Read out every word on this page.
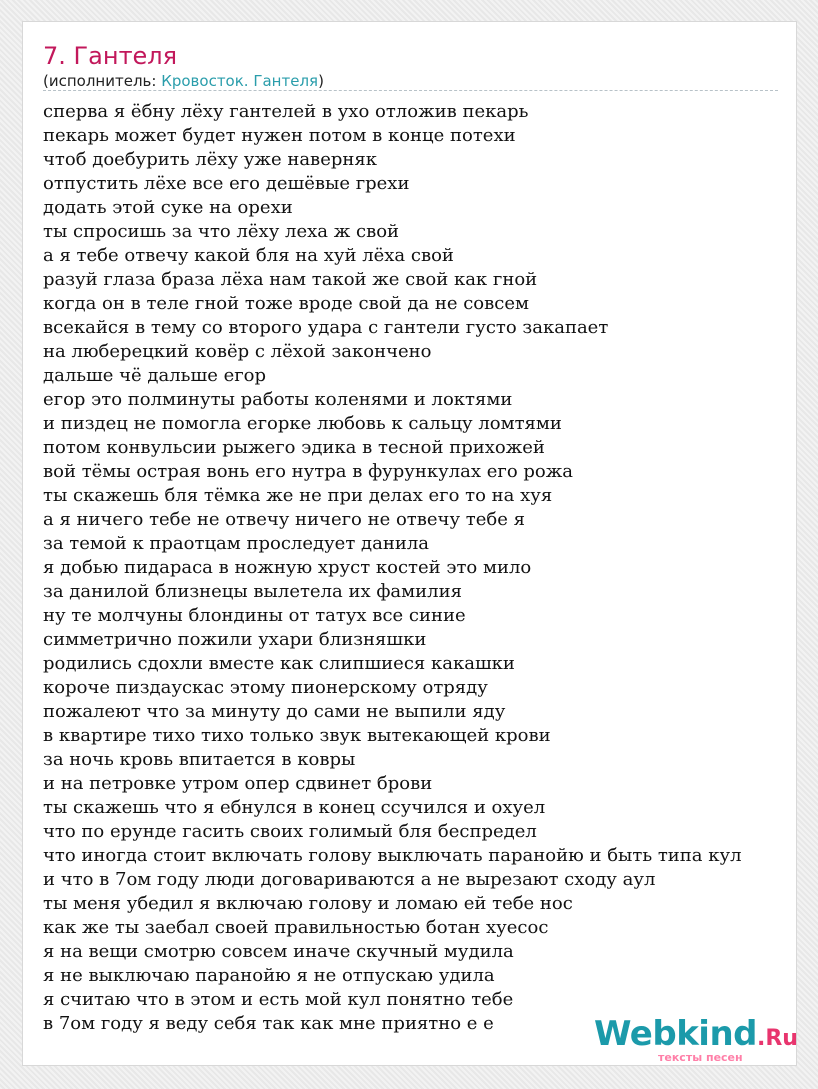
7. Гантеля
(исполнитель: Кровосток. Гантеля)
сперва я ёбну лёху гантелей в ухо отложив пекарь
пекарь может будет нужен потом в конце потехи
чтоб доебурить лёху уже наверняк
отпустить лёхе все его дешёвые грехи
додать этой суке на орехи
ты спросишь за что лёху леха ж свой
а я тебе отвечу какой бля на хуй лёха свой
разуй глаза браза лёха нам такой же свой как гной
когда он в теле гной тоже вроде свой да не совсем
всекайся в тему со второго удара с гантели густо закапает
на люберецкий ковёр с лёхой закончено
дальше чё дальше егор
егор это полминуты работы коленями и локтями
и пиздец не помогла егорке любовь к сальцу ломтями
потом конвульсии рыжего эдика в тесной прихожей
вой тёмы острая вонь его нутра в фурункулах его рожа
ты скажешь бля тёмка же не при делах его то на хуя
а я ничего тебе не отвечу ничего не отвечу тебе я
за темой к праотцам проследует данила
я добью пидараса в ножную хруст костей это мило
за данилой близнецы вылетела их фамилия
ну те молчуны блондины от татух все синие
симметрично пожили ухари близняшки
родились сдохли вместе как слипшиеся какашки
короче пиздаускас этому пионерскому отряду
пожалеют что за минуту до сами не выпили яду
в квартире тихо тихо только звук вытекающей крови
за ночь кровь впитается в ковры
и на петровке утром опер сдвинет брови
ты скажешь что я ебнулся в конец ссучился и охуел
что по ерунде гасить своих голимый бля беспредел
что иногда стоит включать голову выключать паранойю и быть типа кул
и что в 7ом году люди договариваются а не вырезают сходу аул
ты меня убедил я включаю голову и ломаю ей тебе нос
как же ты заебал своей правильностью ботан хуесос
я на вещи смотрю совсем иначе скучный мудила
я не выключаю паранойю я не отпускаю удила
я считаю что в этом и есть мой кул понятно тебе
в 7ом году я веду себя так как мне приятно е е	Webkind.Ru
тексты песен
